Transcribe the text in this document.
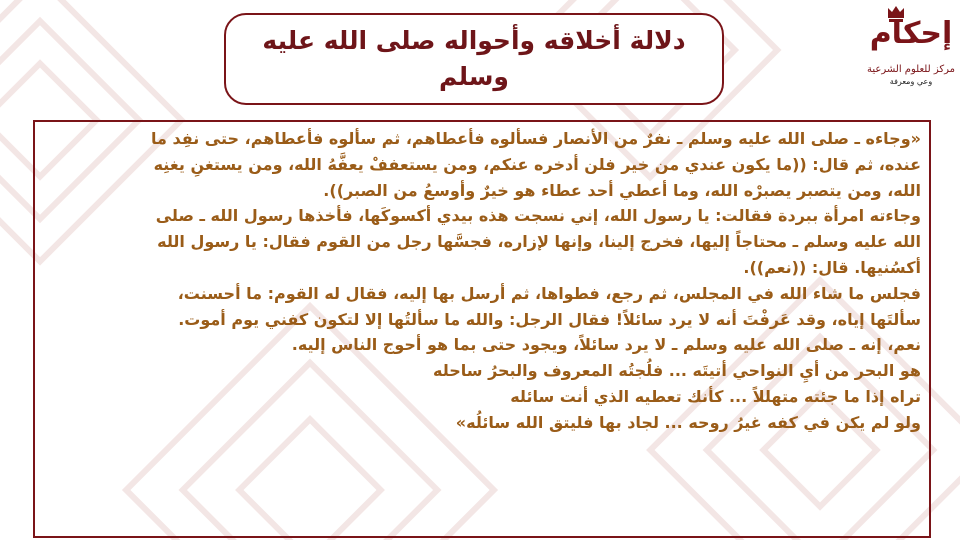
دلالة أخلاقه وأحواله صلى الله عليه
وسلم
إحكام
مركز للعلوم الشرعية
وعي ومعرفة
«وجاءه ـ صلى الله عليه وسلم ـ نفرٌ من الأنصار فسألوه فأعطاهم، ثم سألوه فأعطاهم، حتى نفِد ما
عنده، ثم قال: ((ما يكون عندي من خير فلن أدخره عنكم، ومن يستعففْ يعفَّهُ الله، ومن يستغنِ يغنِه
الله، ومن يتصبر يصبرْه الله، وما أعطي أحد عطاء هو خيرٌ وأوسعُ من الصبر)).
وجاءته امرأة ببردة فقالت: يا رسول الله، إني نسجت هذه بيدي أكسوكَها، فأخذها رسول الله ـ صلى
الله عليه وسلم ـ محتاجاً إليها، فخرج إلينا، وإنها لإزاره، فجسَّها رجل من القوم فقال: يا رسول الله
أكسُنيها. قال: ((نعم)).
فجلس ما شاء الله في المجلس، ثم رجع، فطواها، ثم أرسل بها إليه، فقال له القوم: ما أحسنت،
سألتَها إياه، وقد عَرفْتَ أنه لا يرد سائلاً! فقال الرجل: والله ما سألتُها إلا لتكون كفني يوم أموت.
نعم، إنه ـ صلى الله عليه وسلم ـ لا يرد سائلاً، ويجود حتى بما هو أحوج الناس إليه.
هو البحر من أيِ النواحي أتيتَه ... فلُجتُه المعروف والبحرُ ساحله
تراه إذا ما جئته متهللاً ... كأنك تعطيه الذي أنت سائله
ولو لم يكن في كفه غيرُ روحه ... لجاد بها فليتق الله سائلُه»
